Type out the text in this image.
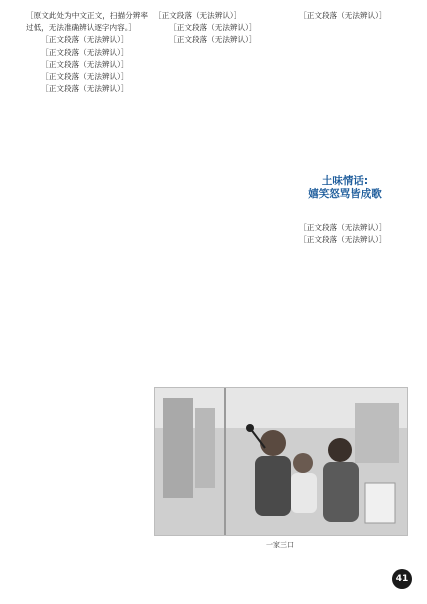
［原文此处为中文正文，扫描分辨率过低，无法准确辨认逐字内容。］

［正文段落（无法辨认）］

［正文段落（无法辨认）］

［正文段落（无法辨认）］

［正文段落（无法辨认）］

［正文段落（无法辨认）］

［正文段落（无法辨认）］

［正文段落（无法辨认）］

［正文段落（无法辨认）］

［正文段落（无法辨认）］

土味情话:
嬉笑怒骂皆成歌

［正文段落（无法辨认）］

［正文段落（无法辨认）］

一家三口
41
